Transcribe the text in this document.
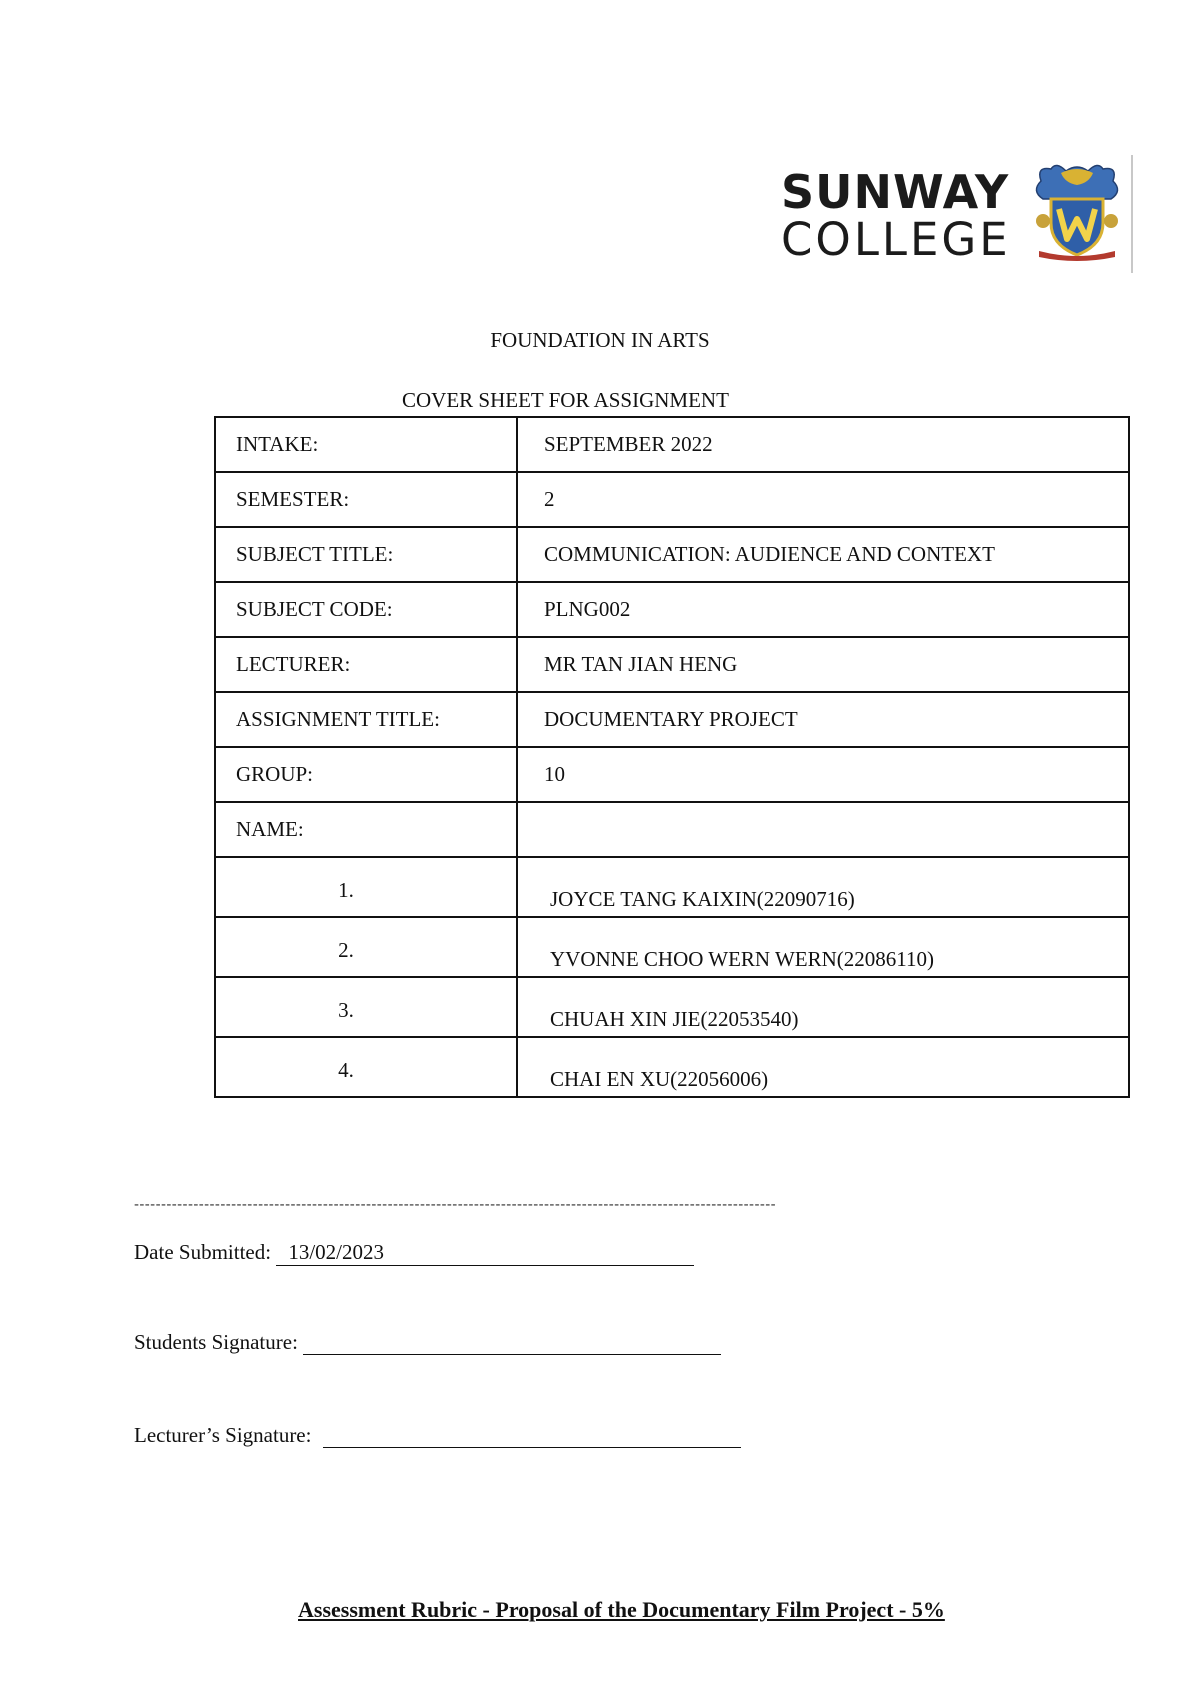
SUNWAY
COLLEGE
FOUNDATION IN ARTS
COVER SHEET FOR ASSIGNMENT
INTAKE:	SEPTEMBER 2022
SEMESTER:	2
SUBJECT TITLE:	COMMUNICATION: AUDIENCE AND CONTEXT
SUBJECT CODE:	PLNG002
LECTURER:	MR TAN JIAN HENG
ASSIGNMENT TITLE:	DOCUMENTARY PROJECT
GROUP:	10
NAME:	
1.	JOYCE TANG KAIXIN(22090716)
2.	YVONNE CHOO WERN WERN(22086110)
3.	CHUAH XIN JIE(22053540)
4.	CHAI EN XU(22056006)
-----------------------------------------------------------------------------------------------------------------------
Date Submitted: 13/02/2023
Students Signature:
Lecturer’s Signature:
Assessment Rubric - Proposal of the Documentary Film Project - 5%
